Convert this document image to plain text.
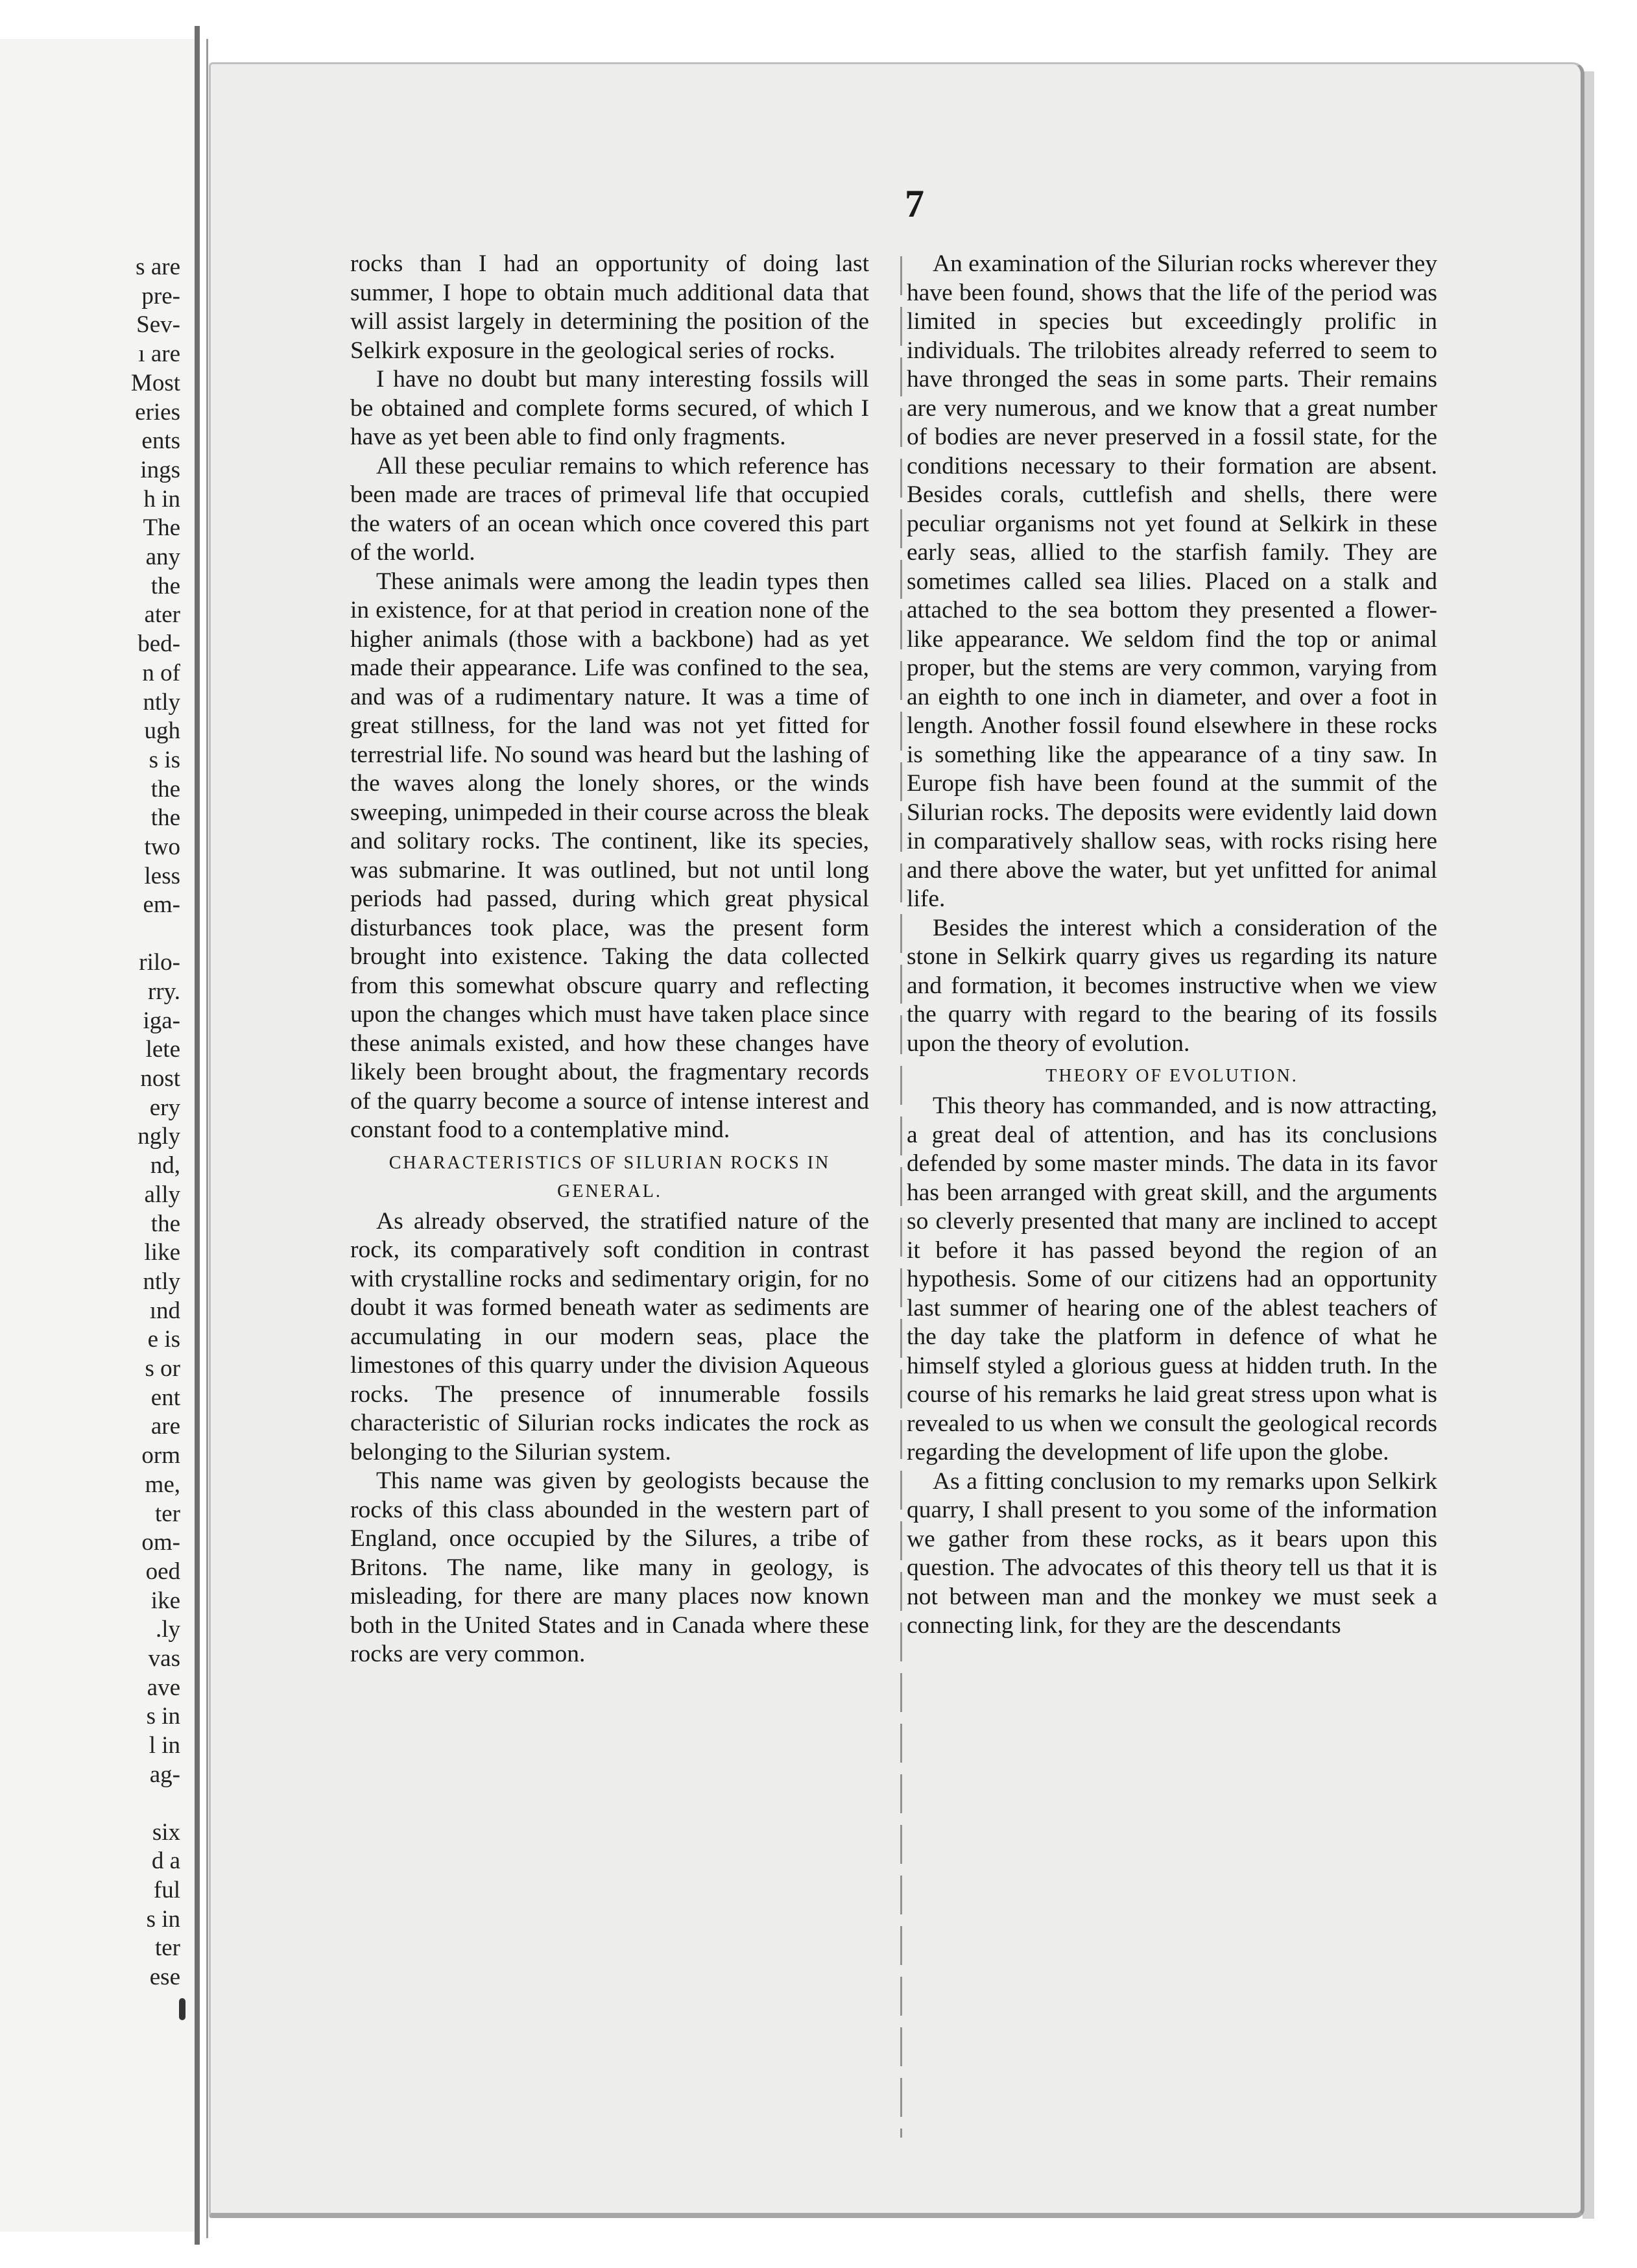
s are
pre-
Sev-
ı are
Most
eries
ents
ings
h in
The
any
the
ater
bed-
n of
ntly
ugh
s is
the
the
two
less
em-
rilo-
rry.
iga-
lete
nost
ery
ngly
nd,
ally
the
like
ntly
ınd
e is
s or
ent
are
orm
me,
ter
om-
oed
ike
.ly
vas
ave
s in
l in
ag-
six
d a
ful
s in
ter
ese
7

rocks than I had an opportunity of doing last summer, I hope to obtain much additional data that will assist largely in determining the position of the Selkirk exposure in the geological series of rocks.

I have no doubt but many interesting fossils will be obtained and complete forms secured, of which I have as yet been able to find only fragments.

All these peculiar remains to which reference has been made are traces of primeval life that occupied the waters of an ocean which once covered this part of the world.

These animals were among the leadin types then in existence, for at that period in creation none of the higher animals (those with a backbone) had as yet made their appearance. Life was confined to the sea, and was of a rudimentary nature. It was a time of great stillness, for the land was not yet fitted for terrestrial life. No sound was heard but the lashing of the waves along the lonely shores, or the winds sweeping, unimpeded in their course across the bleak and solitary rocks. The continent, like its species, was submarine. It was outlined, but not until long periods had passed, during which great physical disturbances took place, was the present form brought into existence. Taking the data collected from this somewhat obscure quarry and reflecting upon the changes which must have taken place since these animals existed, and how these changes have likely been brought about, the fragmentary records of the quarry become a source of intense interest and constant food to a contemplative mind.

CHARACTERISTICS OF SILURIAN ROCKS IN GENERAL.

As already observed, the stratified nature of the rock, its comparatively soft condition in contrast with crystalline rocks and sedimentary origin, for no doubt it was formed beneath water as sediments are accumulating in our modern seas, place the limestones of this quarry under the division Aqueous rocks. The presence of innumerable fossils characteristic of Silurian rocks indicates the rock as belonging to the Silurian system.

This name was given by geologists because the rocks of this class abounded in the western part of England, once occupied by the Silures, a tribe of Britons. The name, like many in geology, is misleading, for there are many places now known both in the United States and in Canada where these rocks are very common.

An examination of the Silurian rocks wherever they have been found, shows that the life of the period was limited in species but exceedingly prolific in individuals. The trilobites already referred to seem to have thronged the seas in some parts. Their remains are very numerous, and we know that a great number of bodies are never preserved in a fossil state, for the conditions necessary to their formation are absent. Besides corals, cuttlefish and shells, there were peculiar organisms not yet found at Selkirk in these early seas, allied to the starfish family. They are sometimes called sea lilies. Placed on a stalk and attached to the sea bottom they presented a flower-like appearance. We seldom find the top or animal proper, but the stems are very common, varying from an eighth to one inch in diameter, and over a foot in length. Another fossil found elsewhere in these rocks is something like the appearance of a tiny saw. In Europe fish have been found at the summit of the Silurian rocks. The deposits were evidently laid down in comparatively shallow seas, with rocks rising here and there above the water, but yet unfitted for animal life.

Besides the interest which a consideration of the stone in Selkirk quarry gives us regarding its nature and formation, it becomes instructive when we view the quarry with regard to the bearing of its fossils upon the theory of evolution.

THEORY OF EVOLUTION.

This theory has commanded, and is now attracting, a great deal of attention, and has its conclusions defended by some master minds. The data in its favor has been arranged with great skill, and the arguments so cleverly presented that many are inclined to accept it before it has passed beyond the region of an hypothesis. Some of our citizens had an opportunity last summer of hearing one of the ablest teachers of the day take the platform in defence of what he himself styled a glorious guess at hidden truth. In the course of his remarks he laid great stress upon what is revealed to us when we consult the geological records regarding the development of life upon the globe.

As a fitting conclusion to my remarks upon Selkirk quarry, I shall present to you some of the information we gather from these rocks, as it bears upon this question. The advocates of this theory tell us that it is not between man and the monkey we must seek a connecting link, for they are the descendants
